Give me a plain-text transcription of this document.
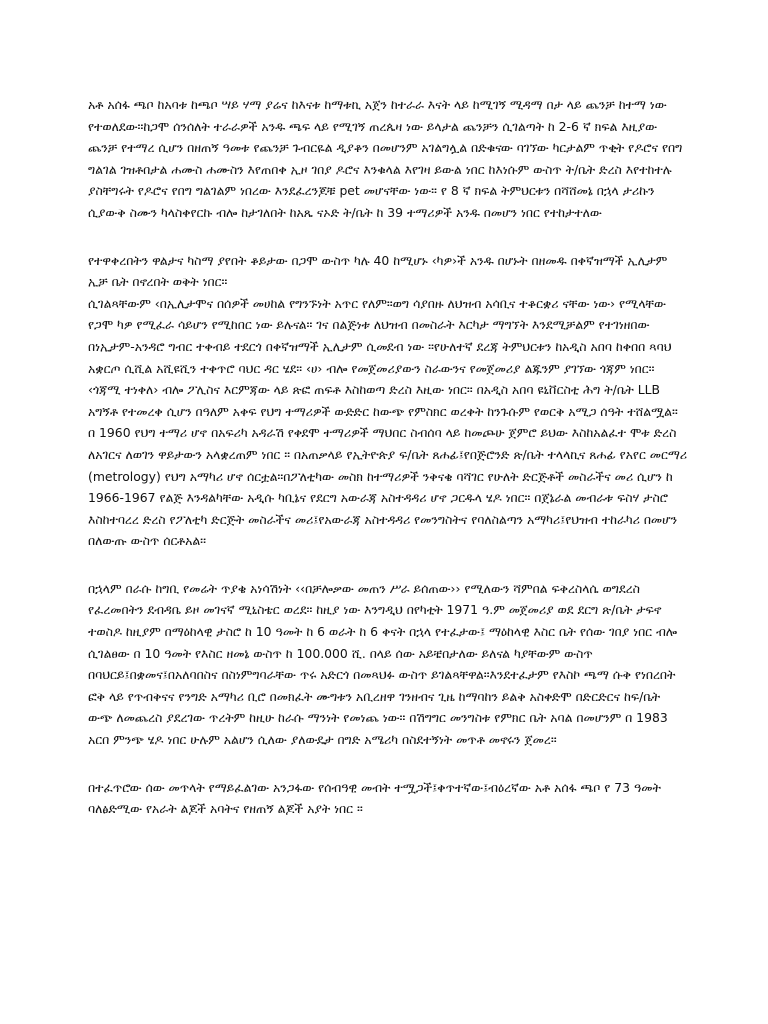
አቶ አሰፋ ጫቦ ከአባቱ ከጫቦ ሣይ ሃማ ያሬና ከእናቱ ከማቱኪ አጀን ከተራራ እናት ላይ ከሚገኝ ሚዳማ በታ ላይ ጨንቻ ከተማ ነው የተወለደው።ከጋሞ ሰንሰለት ተራራዎች አንዱ ጫፍ ላይ የሚገኝ ጠረጴዛ ነው ይላታል ጨንቻን ሲገልጣት ከ 2-6 ኛ ክፍል እዚያው ጨንቻ የተማረ ሲሆን በዘጠኝ ዓመቱ የጨንቻ ጉብርዬል ዲያቆን በመሆንም አገልግሏል በድቁናው ባገኘው ካርታልም ጥቂት የዶሮና የበግ ግልገል ገዝቶበታል ሐሙስ ሐሙስን እየጠበቀ ኢዞ ገበያ ዶሮና እንቁላል እየገዛ ይውል ነበር ከእነሱም ውስጥ ት/ቤት ድረስ እየተከተሉ ያስቸግሩት የዶሮና የበግ ግልገልም ነበረው እንደፈረንጆቹ pet መሆናቸው ነው። የ 8 ኛ ክፍል ትምህርቱን በሻሸመኔ በኋላ ታሪኩን ሲያውቅ ስሙን ካላስቀየርኩ ብሎ ከታገለበት ከአጼ ናኦድ ት/ቤት ከ 39 ተማሪዎች አንዱ በመሆን ነበር የተከታተለው

የተዋቀረበትን ዋልታና ካስማ ያየበት ቆይታው በጋሞ ውስጥ ካሉ 40 ከሚሆኑ ‹ካዎ›ች አንዱ በሆኑት በዘመዱ በቀኛዝማች ኢሊታም ኢቻ ቤት በኖረበት ወቅት ነበር።
ሲገልጻቸውም ‹በኢሊታሞና በሰዎች መሀከል የግንኙነት አጥር የለም።ወግ ሳያበዙ ለህዝብ አሳቢና ተቆርቋሪ ናቸው ነው› የሚላቸው የጋሞ ካዎ የሚፈራ ሳይሆን የሚከበር ነው ይሉናል። ገና በልጅነቱ ለህዝብ በመስራት እርካታ ማግኘት እንደሚቻልም የተገነዘበው በነኢታም-አንዳሮ ግብር ተቀብይ ተደርጎ በቀኛዝማች ኢሊታም ሲመደብ ነው ።የሁለተኛ ደረጃ ትምህርቱን ከአዲስ አበባ ከቀበበ ጻባህ አቋርጦ ሲሺል አሺዩሺን ተቀጥሮ ባህር ዳር ሄደ። ‹ሀ› ብሎ የመጀመሪያውን ስራውንና የመጀመሪያ ልጁንም ያገኘው ጎጃም ነበር። ‹ጎጃሚ ተነቀለ› ብሎ ፖሊስና እርምጃው ላይ ጽፎ ጠፍቶ እስከወጣ ድረስ እዚው ነበር። በአዲስ አበባ ዩኒቨርስቲ ሕግ ት/ቤት LLB አግኝቶ የተመረቀ ሲሆን በዓለም አቀፍ የህግ ተማሪዎች ውድድር ከውጭ የምስክር ወረቀት ከንጉሱም የወርቅ አሚጋ ሰዓት ተሸልሟል። በ 1960 የህግ ተማሪ ሆኖ በአፍሪካ አዳራሽ የቀደሞ ተማሪዎች ማህበር ስብሰባ ላይ ከመጮሁ ጀምሮ ይህው እስከአልፈተ ሞቱ ድረስ ለአገርና ለወገን ዋይታውን አላቋረጠም ነበር ። በአጠቃላይ የኢትዮጵያ ፍ/ቤት ጸሐፊ፤የበጅሮንድ ጽ/ቤት ተላላኪና ጸሐፊ የአየር መርማሪ (metrology) የህግ አማካሪ ሆኖ ሰርቷል።በፖለቲካው መስክ ከተማሪዎች ንቅናቄ ባሻገር የሁለት ድርጅቶች መስራችና መሪ ሲሆን ከ 1966-1967 የልጅ እንዳልካቸው አዲሱ ካቢኔና የደርግ አውራጃ አስተዳዳሪ ሆኖ ጋርዱላ ሄዶ ነበር። በጀኔራል መብራቱ ፍስሃ ታስሮ እስከተባረረ ድረስ የፖለቲካ ድርጅት መስራችና መሪ፤የአውራጃ አስተዳዳሪ የመንግስትና የባለስልጣን አማካሪ፤የህዝብ ተከራካሪ በመሆን በለውጡ ውስጥ ሰርቶአል፡፡

በኋላም በራሱ ከግቢ የመሬት ጥያቄ አነሳሽነት ‹‹በቻሎቃው መጠን ሥራ ይሰጠው›› የሚለውን ሻምበል ፍቅረስላሴ ወግደረስ የፈረመበትን ደብዳቤ ይዞ መገናኛ ሚኒስቴር ወረደ። ከዚያ ነው እንግዲህ በየካቲት 1971 ዓ.ም መጀመሪያ ወደ ደርግ ጽ/ቤት ታፍኖ ተወስዶ ከዚያም በማዕከላዊ ታስሮ ከ 10 ዓመት ከ 6 ወራት ከ 6 ቀናት በኋላ የተፈታው፤ ማዕከላዊ እስር ቤት የሰው ገበያ ነበር ብሎ ሲገልፀው በ 10 ዓመት የእስር ዘመኔ ውስጥ ከ 100.000 ሺ. በላይ ሰው አይቼበታለው ይለናል ካያቸውም ውስጥ በባህርይ፤በቋመና፤በአለባበስና በስነምግባራቸው ጥሩ አድርጎ በመጻህፉ ውስጥ ይገልጻቸዋል።እንደተፈታም የእስኮ ጫማ ሱቅ የነበረበት ፎቅ ላይ የጥብቅናና የንግድ አማካሪ ቢሮ በመክፈት ሙግቱን አቢረዘዋ ገንዘብና ጊዜ ከማባከን ይልቅ አስቀድሞ በድርድርና ከፍ/ቤት ውጭ ለመጨረስ ያደረገው ጥረትም ከዚሁ ከራሱ ማንነት የመነጨ ነው። በሽግግር መንግስቱ የምክር ቤት አባል በመሆንም በ 1983 አርበ ምንጭ ሄዶ ነበር ሁሉም አልሆን ሲለው ያለውዴታ በግድ አሜሪካ በስደተኝነት መጥቶ መኖሩን ጀመረ።

በተፈጥሮው ሰው መጥላት የማይፈልገው አንጋፋው የሰብዓዊ መብት ተሟጋች፤ቀጥተኛው፤ብዕረኛው አቶ አሰፋ ጫቦ የ 73 ዓመት ባለፅድሚው የአራት ልጆች አባትና የዘጠኝ ልጆች አያት ነበር ።
